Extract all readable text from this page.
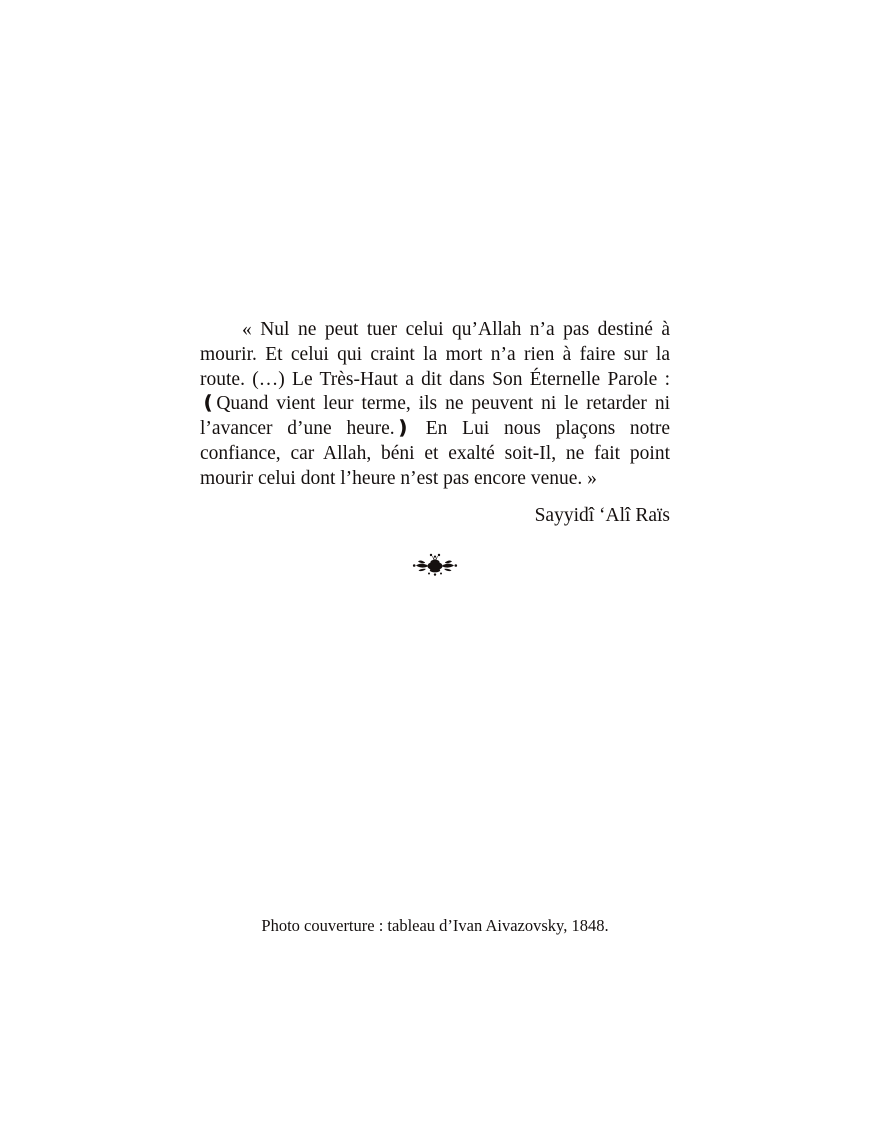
« Nul ne peut tuer celui qu’Allah n’a pas destiné à mourir. Et celui qui craint la mort n’a rien à faire sur la route. (…) Le Très-Haut a dit dans Son Éternelle Parole : ❪Quand vient leur terme, ils ne peuvent ni le retarder ni l’avancer d’une heure.❫ En Lui nous plaçons notre confiance, car Allah, béni et exalté soit-Il, ne fait point mourir celui dont l’heure n’est pas encore venue. »

Sayyidî ‘Alî Raïs

Photo couverture : tableau d’Ivan Aivazovsky, 1848.
